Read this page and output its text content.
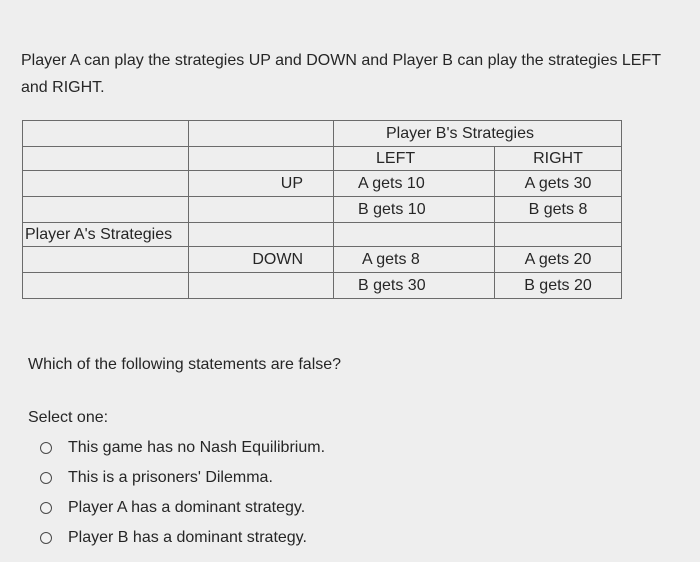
Player A can play the strategies UP and DOWN and Player B can play the strategies LEFT and RIGHT.
		Player B's Strategies	
		LEFT	RIGHT
	UP	A gets 10	A gets 30
		B gets 10	B gets 8
Player A's Strategies			
	DOWN	A gets 8	A gets 20
		B gets 30	B gets 20
Which of the following statements are false?
Select one:
This game has no Nash Equilibrium.
This is a prisoners' Dilemma.
Player A has a dominant strategy.
Player B has a dominant strategy.
